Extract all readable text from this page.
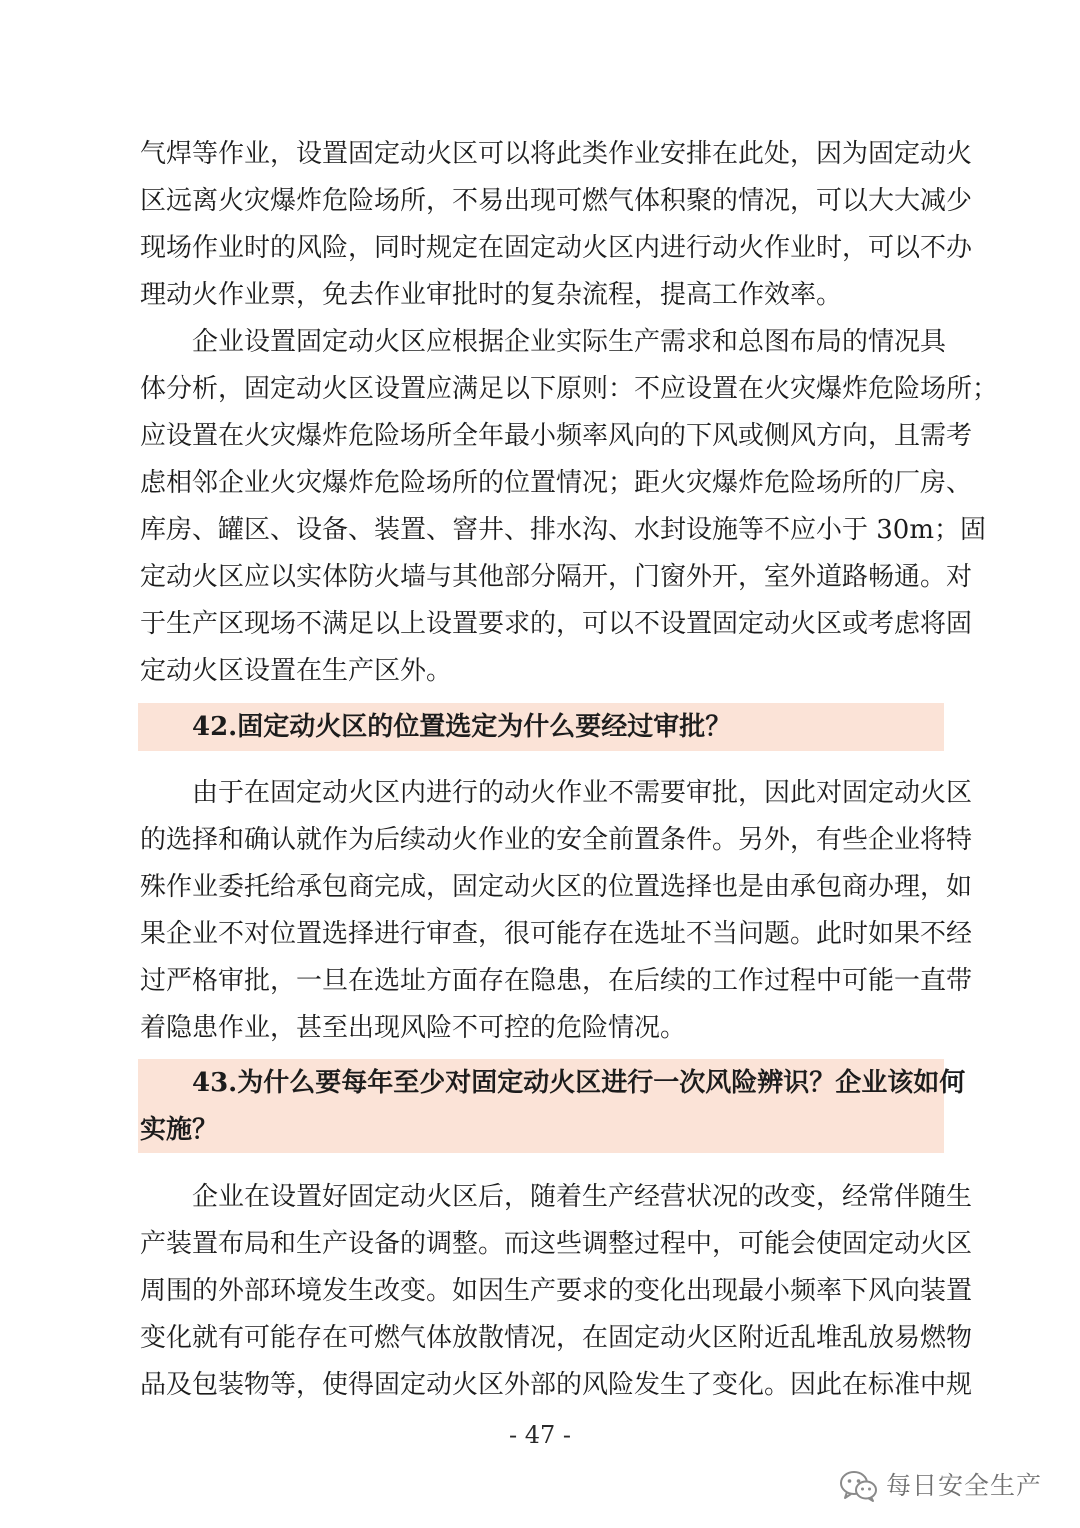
气焊等作业，设置固定动火区可以将此类作业安排在此处，因为固定动火
区远离火灾爆炸危险场所，不易出现可燃气体积聚的情况，可以大大减少
现场作业时的风险，同时规定在固定动火区内进行动火作业时，可以不办
理动火作业票，免去作业审批时的复杂流程，提高工作效率。
企业设置固定动火区应根据企业实际生产需求和总图布局的情况具
体分析，固定动火区设置应满足以下原则：不应设置在火灾爆炸危险场所；
应设置在火灾爆炸危险场所全年最小频率风向的下风或侧风方向，且需考
虑相邻企业火灾爆炸危险场所的位置情况；距火灾爆炸危险场所的厂房、
库房、罐区、设备、装置、窨井、排水沟、水封设施等不应小于 30m；固
定动火区应以实体防火墙与其他部分隔开，门窗外开，室外道路畅通。对
于生产区现场不满足以上设置要求的，可以不设置固定动火区或考虑将固
定动火区设置在生产区外。
42.固定动火区的位置选定为什么要经过审批？
由于在固定动火区内进行的动火作业不需要审批，因此对固定动火区
的选择和确认就作为后续动火作业的安全前置条件。另外，有些企业将特
殊作业委托给承包商完成，固定动火区的位置选择也是由承包商办理，如
果企业不对位置选择进行审查，很可能存在选址不当问题。此时如果不经
过严格审批，一旦在选址方面存在隐患，在后续的工作过程中可能一直带
着隐患作业，甚至出现风险不可控的危险情况。
43.为什么要每年至少对固定动火区进行一次风险辨识？企业该如何
实施？
企业在设置好固定动火区后，随着生产经营状况的改变，经常伴随生
产装置布局和生产设备的调整。而这些调整过程中，可能会使固定动火区
周围的外部环境发生改变。如因生产要求的变化出现最小频率下风向装置
变化就有可能存在可燃气体放散情况，在固定动火区附近乱堆乱放易燃物
品及包装物等，使得固定动火区外部的风险发生了变化。因此在标准中规
- 47 -
每日安全生产
